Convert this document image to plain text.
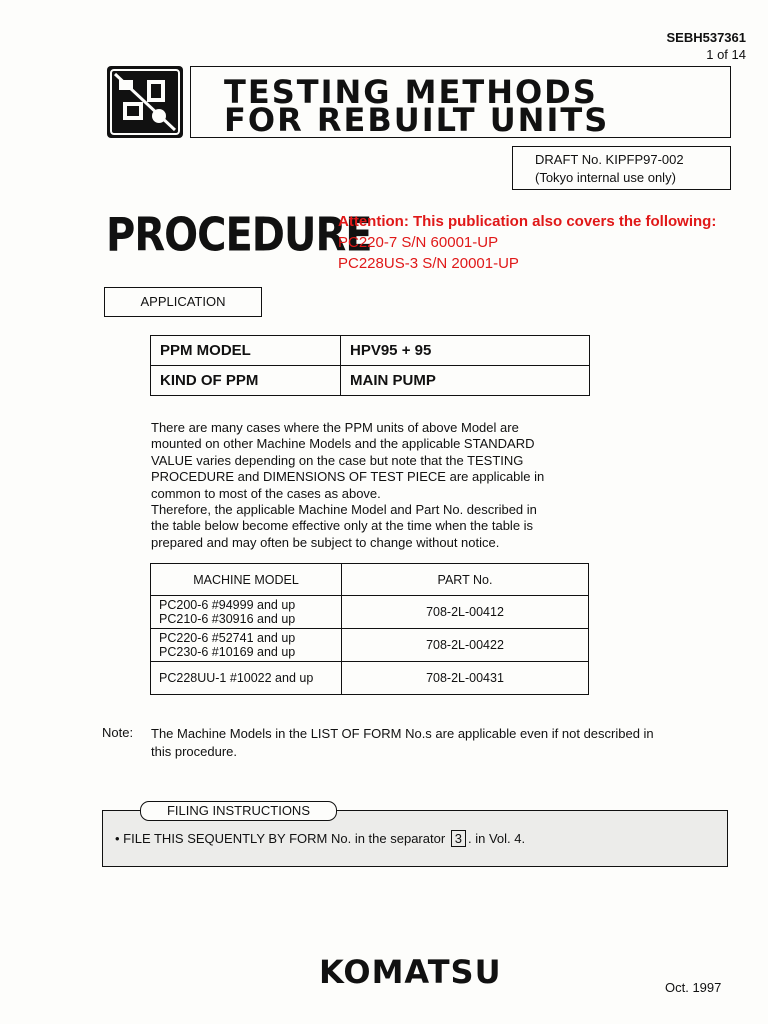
SEBH537361
1 of 14
TESTING METHODS
FOR REBUILT UNITS
DRAFT No. KIPFP97-002
(Tokyo internal use only)
PROCEDURE
Attention: This publication also covers the following:
PC220-7 S/N 60001-UP
PC228US-3 S/N 20001-UP
APPLICATION
PPM MODEL	HPV95 + 95
KIND OF PPM	MAIN PUMP
There are many cases where the PPM units of above Model are
mounted on other Machine Models and the applicable STANDARD
VALUE varies depending on the case but note that the TESTING
PROCEDURE and DIMENSIONS OF TEST PIECE are applicable in
common to most of the cases as above.
Therefore, the applicable Machine Model and Part No. described in
the table below become effective only at the time when the table is
prepared and may often be subject to change without notice.
MACHINE MODEL	PART No.

PC200-6 #94999 and up
PC210-6 #30916 and up	708-2L-00412

PC220-6 #52741 and up
PC230-6 #10169 and up	708-2L-00422

PC228UU-1 #10022 and up	708-2L-00431
Note: The Machine Models in the LIST OF FORM No.s are applicable even if not described in
this procedure.
FILING INSTRUCTIONS
• FILE THIS SEQUENTLY BY FORM No. in the separator 3 . in Vol. 4.
KOMATSU	Oct. 1997
